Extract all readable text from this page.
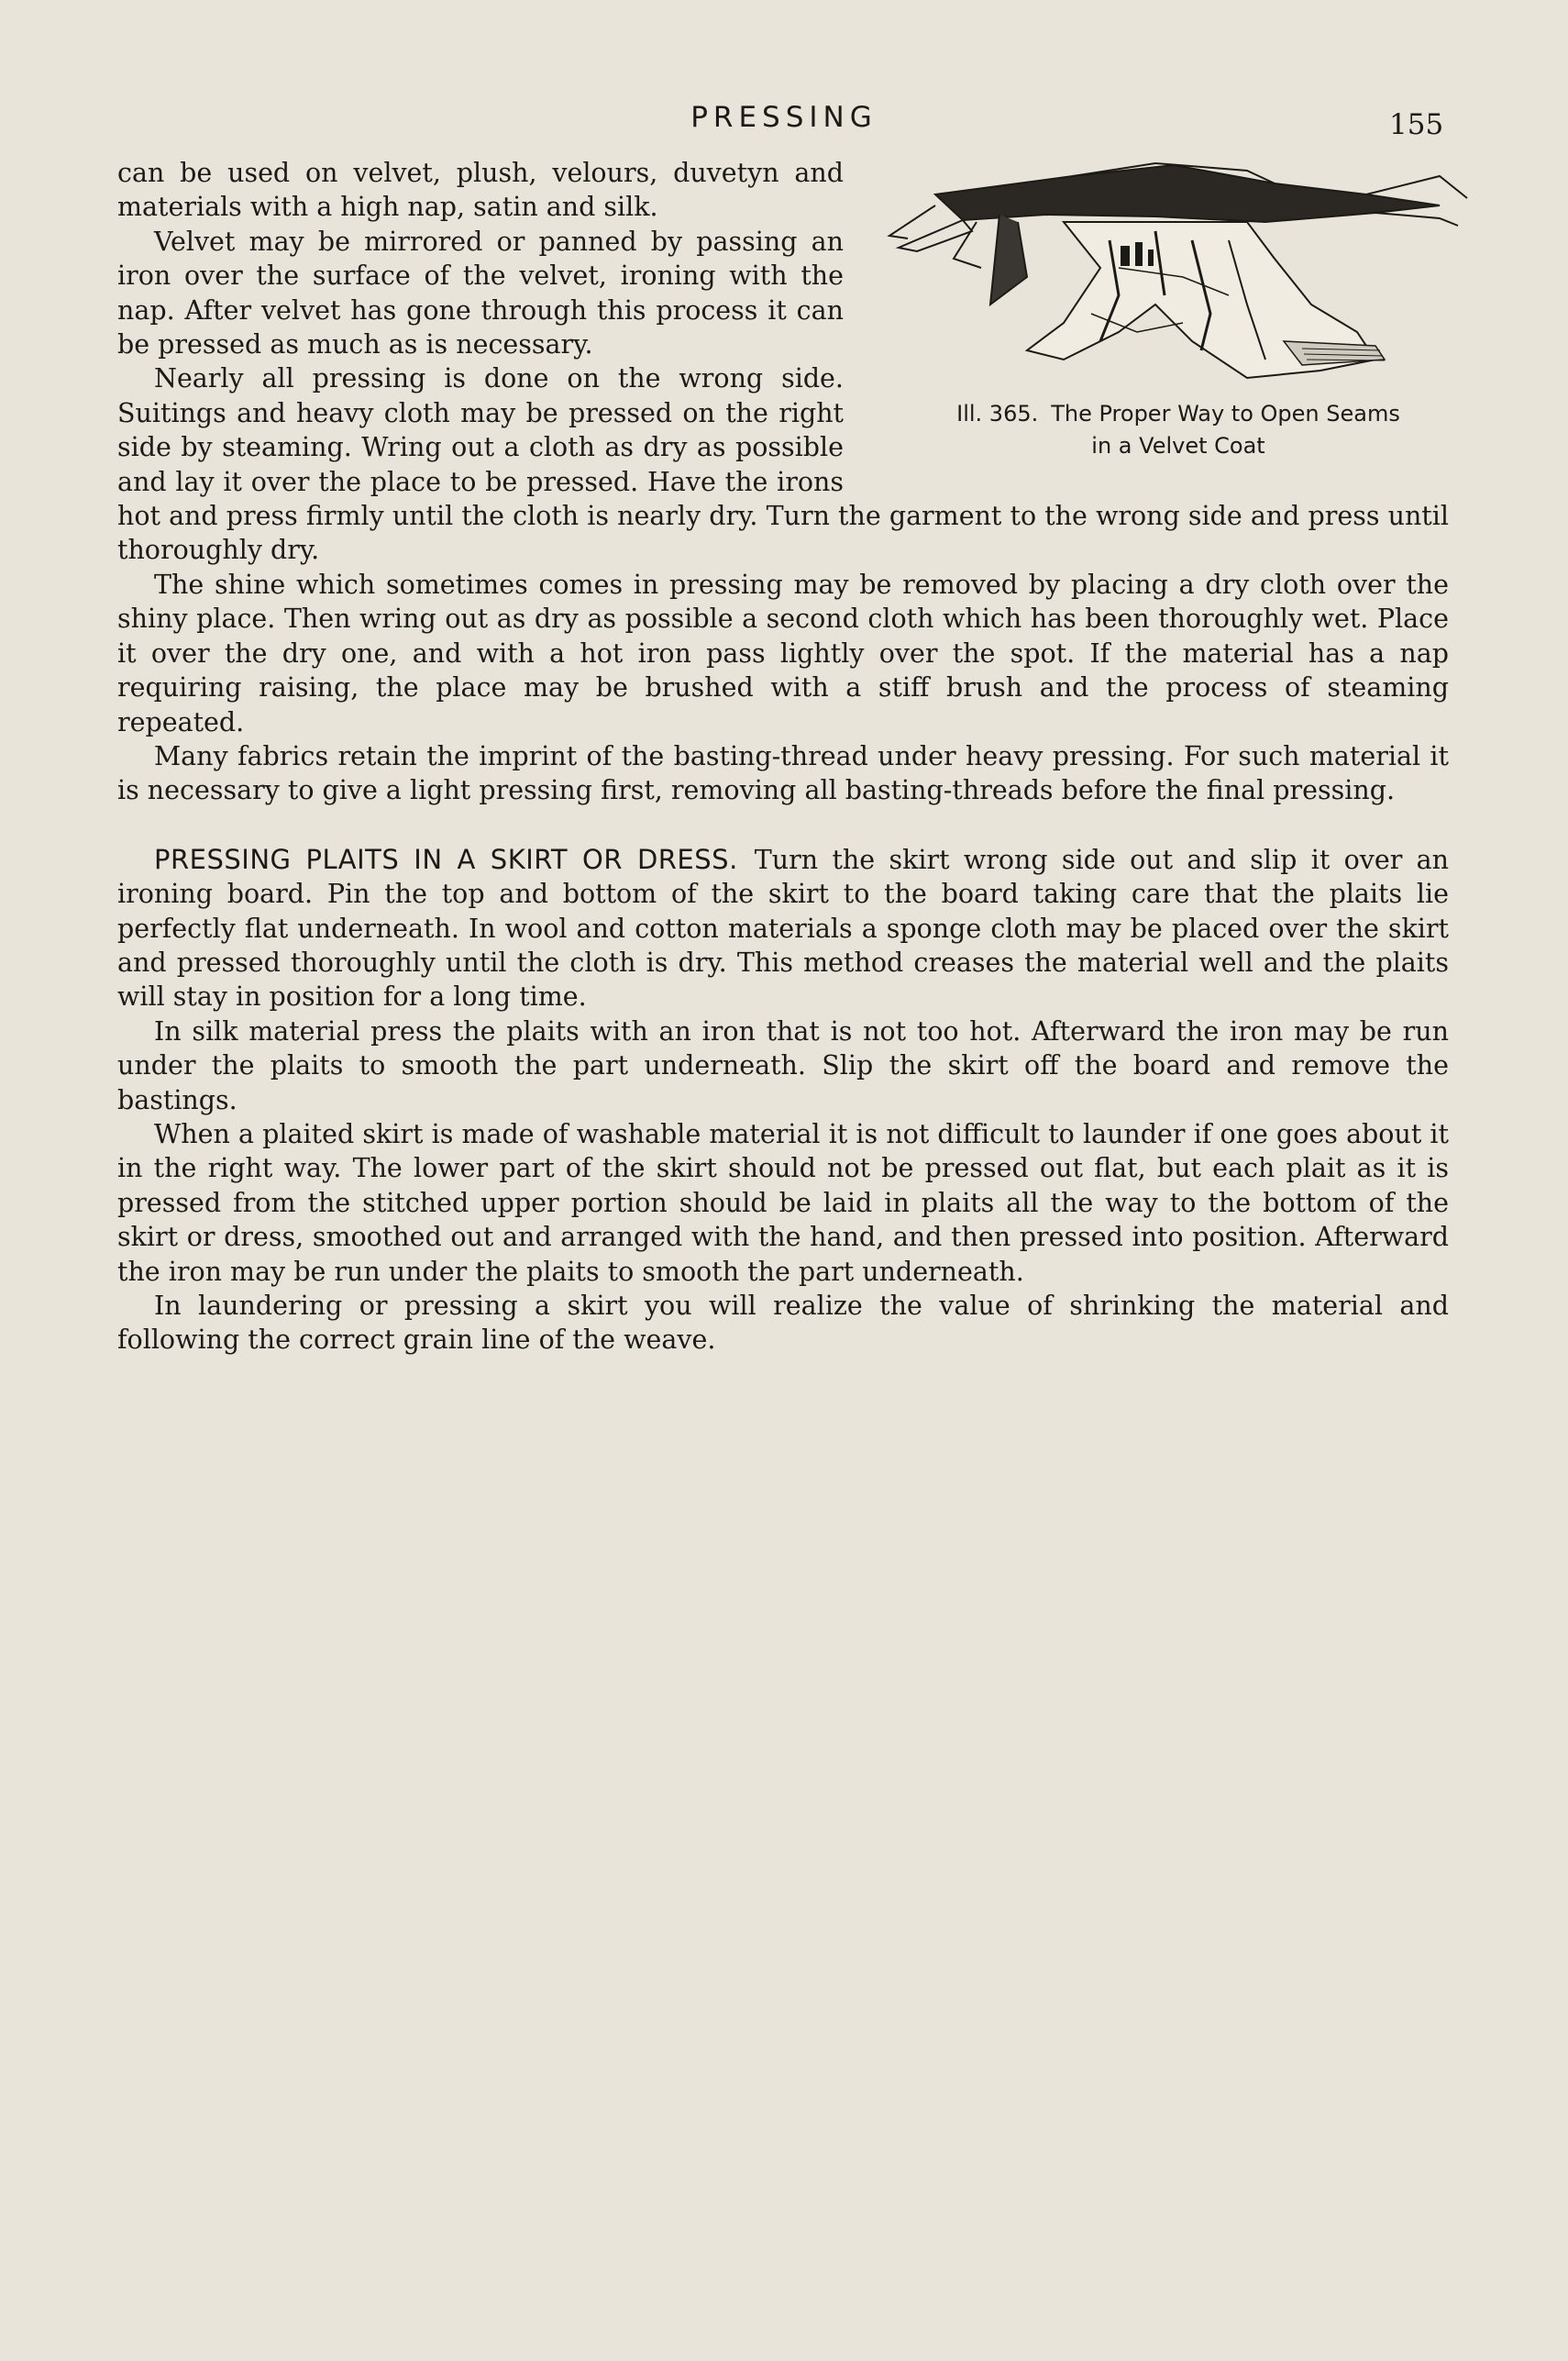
PRESSING	155
Ill. 365. The Proper Way to Open Seams
in a Velvet Coat

can be used on velvet, plush, velours, duvetyn and materials with a high nap, satin and silk.

Velvet may be mirrored or panned by passing an iron over the surface of the velvet, ironing with the nap. After velvet has gone through this process it can be pressed as much as is necessary.

Nearly all pressing is done on the wrong side. Suitings and heavy cloth may be pressed on the right side by steaming. Wring out a cloth as dry as possible and lay it over the place to be pressed. Have the irons hot and press firmly until the cloth is nearly dry. Turn the garment to the wrong side and press until thoroughly dry.

The shine which sometimes comes in pressing may be removed by placing a dry cloth over the shiny place. Then wring out as dry as possible a second cloth which has been thoroughly wet. Place it over the dry one, and with a hot iron pass lightly over the spot. If the material has a nap requiring raising, the place may be brushed with a stiff brush and the process of steaming repeated.

Many fabrics retain the imprint of the basting-thread under heavy pressing. For such material it is necessary to give a light pressing first, removing all basting-threads before the final pressing.

PRESSING PLAITS IN A SKIRT OR DRESS. Turn the skirt wrong side out and slip it over an ironing board. Pin the top and bottom of the skirt to the board taking care that the plaits lie perfectly flat underneath. In wool and cotton materials a sponge cloth may be placed over the skirt and pressed thoroughly until the cloth is dry. This method creases the material well and the plaits will stay in position for a long time.

In silk material press the plaits with an iron that is not too hot. Afterward the iron may be run under the plaits to smooth the part underneath. Slip the skirt off the board and remove the bastings.

When a plaited skirt is made of washable material it is not difficult to launder if one goes about it in the right way. The lower part of the skirt should not be pressed out flat, but each plait as it is pressed from the stitched upper portion should be laid in plaits all the way to the bottom of the skirt or dress, smoothed out and arranged with the hand, and then pressed into position. Afterward the iron may be run under the plaits to smooth the part underneath.

In laundering or pressing a skirt you will realize the value of shrinking the material and following the correct grain line of the weave.
